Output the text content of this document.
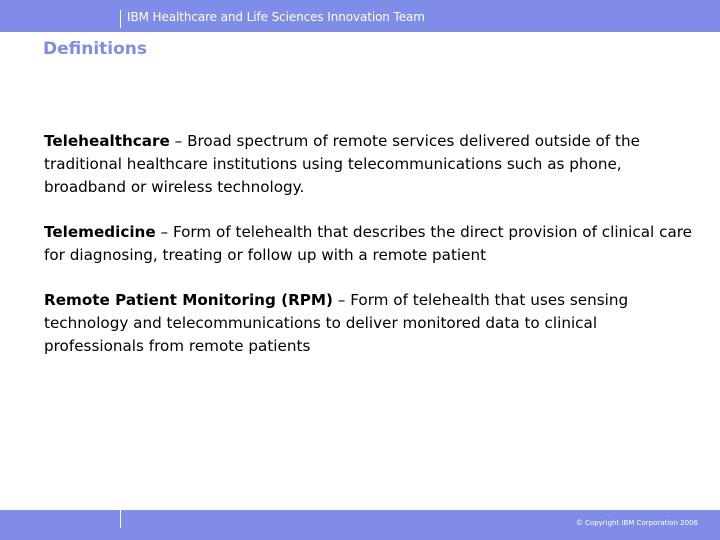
IBM Healthcare and Life Sciences Innovation Team
Definitions
Telehealthcare – Broad spectrum of remote services delivered outside of the traditional healthcare institutions using telecommunications such as phone, broadband or wireless technology.
Telemedicine – Form of telehealth that describes the direct provision of clinical care for diagnosing, treating or follow up with a remote patient
Remote Patient Monitoring (RPM) – Form of telehealth that uses sensing technology and telecommunications to deliver monitored data to clinical professionals from remote patients
© Copyright IBM Corporation 2006
